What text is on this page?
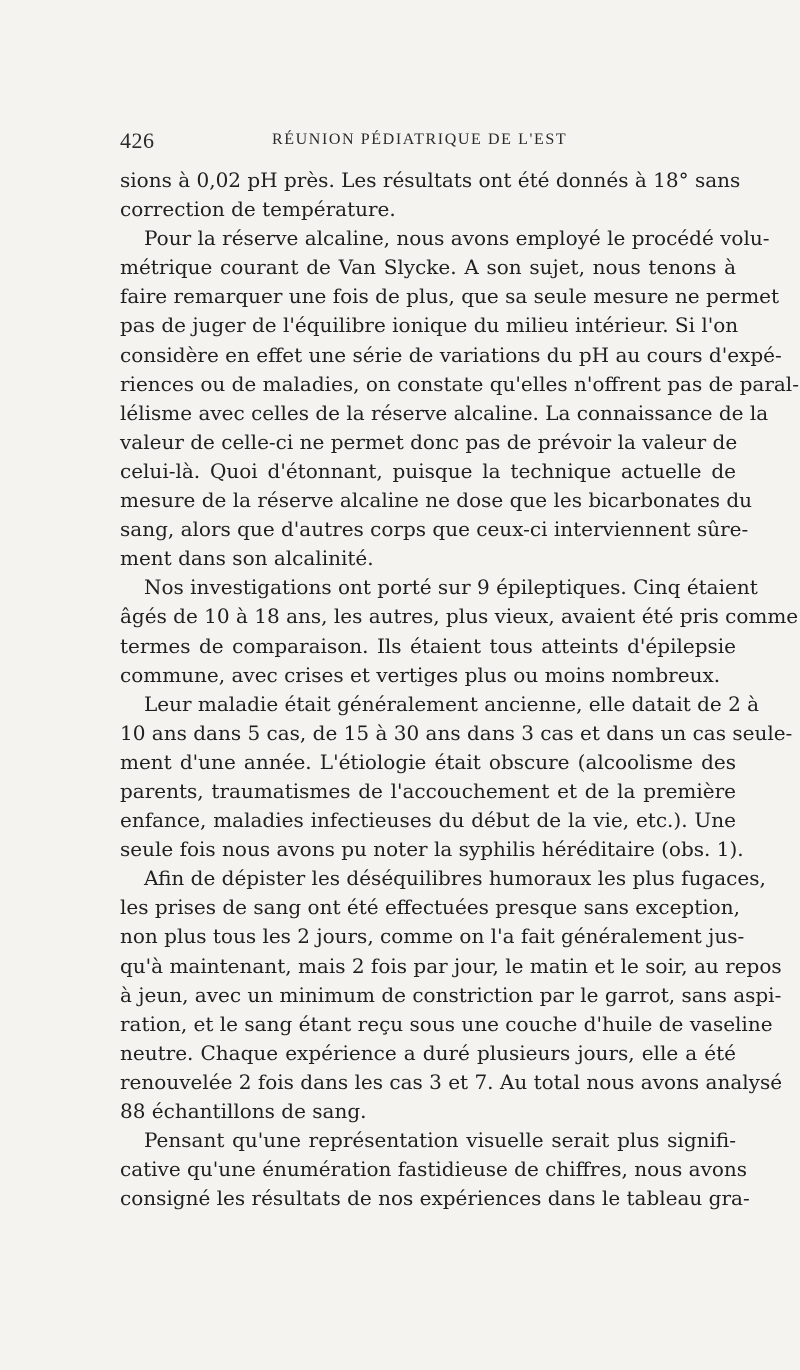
426	RÉUNION PÉDIATRIQUE DE L'EST

sions à 0,02 pH près. Les résultats ont été donnés à 18° sans
correction de température.

Pour la réserve alcaline, nous avons employé le procédé volu-
métrique courant de Van Slycke. A son sujet, nous tenons à
faire remarquer une fois de plus, que sa seule mesure ne permet
pas de juger de l'équilibre ionique du milieu intérieur. Si l'on
considère en effet une série de variations du pH au cours d'expé-
riences ou de maladies, on constate qu'elles n'offrent pas de paral-
lélisme avec celles de la réserve alcaline. La connaissance de la
valeur de celle-ci ne permet donc pas de prévoir la valeur de
celui-là. Quoi d'étonnant, puisque la technique actuelle de
mesure de la réserve alcaline ne dose que les bicarbonates du
sang, alors que d'autres corps que ceux-ci interviennent sûre-
ment dans son alcalinité.

Nos investigations ont porté sur 9 épileptiques. Cinq étaient
âgés de 10 à 18 ans, les autres, plus vieux, avaient été pris comme
termes de comparaison. Ils étaient tous atteints d'épilepsie
commune, avec crises et vertiges plus ou moins nombreux.

Leur maladie était généralement ancienne, elle datait de 2 à
10 ans dans 5 cas, de 15 à 30 ans dans 3 cas et dans un cas seule-
ment d'une année. L'étiologie était obscure (alcoolisme des
parents, traumatismes de l'accouchement et de la première
enfance, maladies infectieuses du début de la vie, etc.). Une
seule fois nous avons pu noter la syphilis héréditaire (obs. 1).

Afin de dépister les déséquilibres humoraux les plus fugaces,
les prises de sang ont été effectuées presque sans exception,
non plus tous les 2 jours, comme on l'a fait généralement jus-
qu'à maintenant, mais 2 fois par jour, le matin et le soir, au repos
à jeun, avec un minimum de constriction par le garrot, sans aspi-
ration, et le sang étant reçu sous une couche d'huile de vaseline
neutre. Chaque expérience a duré plusieurs jours, elle a été
renouvelée 2 fois dans les cas 3 et 7. Au total nous avons analysé
88 échantillons de sang.

Pensant qu'une représentation visuelle serait plus signifi-
cative qu'une énumération fastidieuse de chiffres, nous avons
consigné les résultats de nos expériences dans le tableau gra-
